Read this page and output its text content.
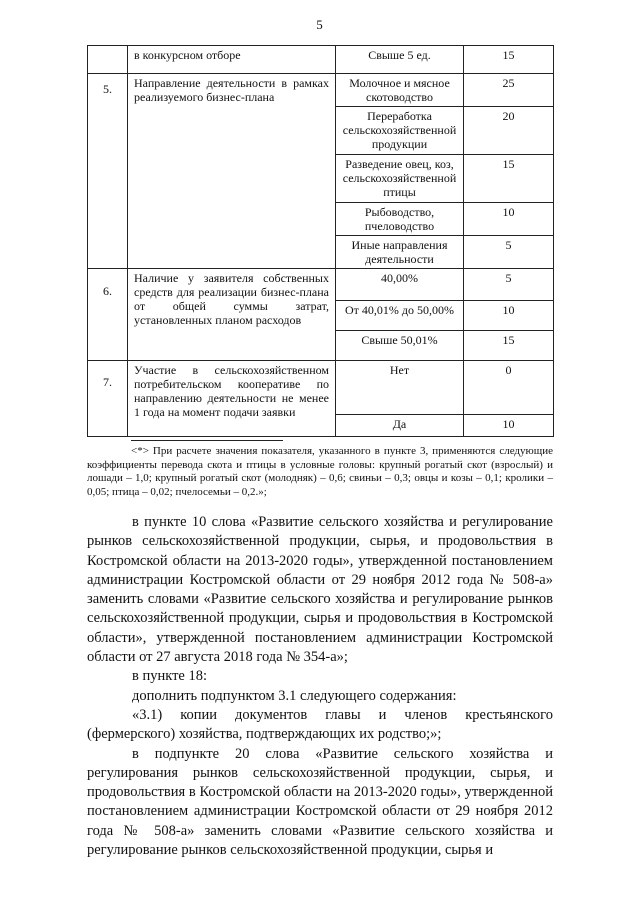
5
	в конкурсном отборе	Свыше 5 ед.	15
5.	Направление деятельности в рамках реализуемого бизнес-плана	Молочное и мясное скотоводство	25
		Переработка сельскохозяйственной продукции	20
		Разведение овец, коз, сельскохозяйственной птицы	15
		Рыбоводство, пчеловодство	10
		Иные направления деятельности	5
6.	Наличие у заявителя собственных средств для реализации бизнес-плана от общей суммы затрат, установленных планом расходов	40,00%	5
		От 40,01% до 50,00%	10
		Свыше 50,01%	15
7.	Участие в сельскохозяйственном потребительском кооперативе по направлению деятельности не менее 1 года на момент подачи заявки	Нет	0
		Да	10
<*> При расчете значения показателя, указанного в пункте 3, применяются следующие коэффициенты перевода скота и птицы в условные головы: крупный рогатый скот (взрослый) и лошади – 1,0; крупный рогатый скот (молодняк) – 0,6; свиньи – 0,3; овцы и козы – 0,1; кролики – 0,05; птица – 0,02; пчелосемьи – 0,2.»;

в пункте 10 слова «Развитие сельского хозяйства и регулирование рынков сельскохозяйственной продукции, сырья, и продовольствия в Костромской области на 2013-2020 годы», утвержденной постановлением администрации Костромской области от 29 ноября 2012 года № 508-а» заменить словами «Развитие сельского хозяйства и регулирование рынков сельскохозяйственной продукции, сырья и продовольствия в Костромской области», утвержденной постановлением администрации Костромской области от 27 августа 2018 года № 354-а»;

в пункте 18:

дополнить подпунктом 3.1 следующего содержания:

«3.1) копии документов главы и членов крестьянского (фермерского) хозяйства, подтверждающих их родство;»;

в подпункте 20 слова «Развитие сельского хозяйства и регулирования рынков сельскохозяйственной продукции, сырья, и продовольствия в Костромской области на 2013-2020 годы», утвержденной постановлением администрации Костромской области от 29 ноября 2012 года № 508-а» заменить словами «Развитие сельского хозяйства и регулирование рынков сельскохозяйственной продукции, сырья и
